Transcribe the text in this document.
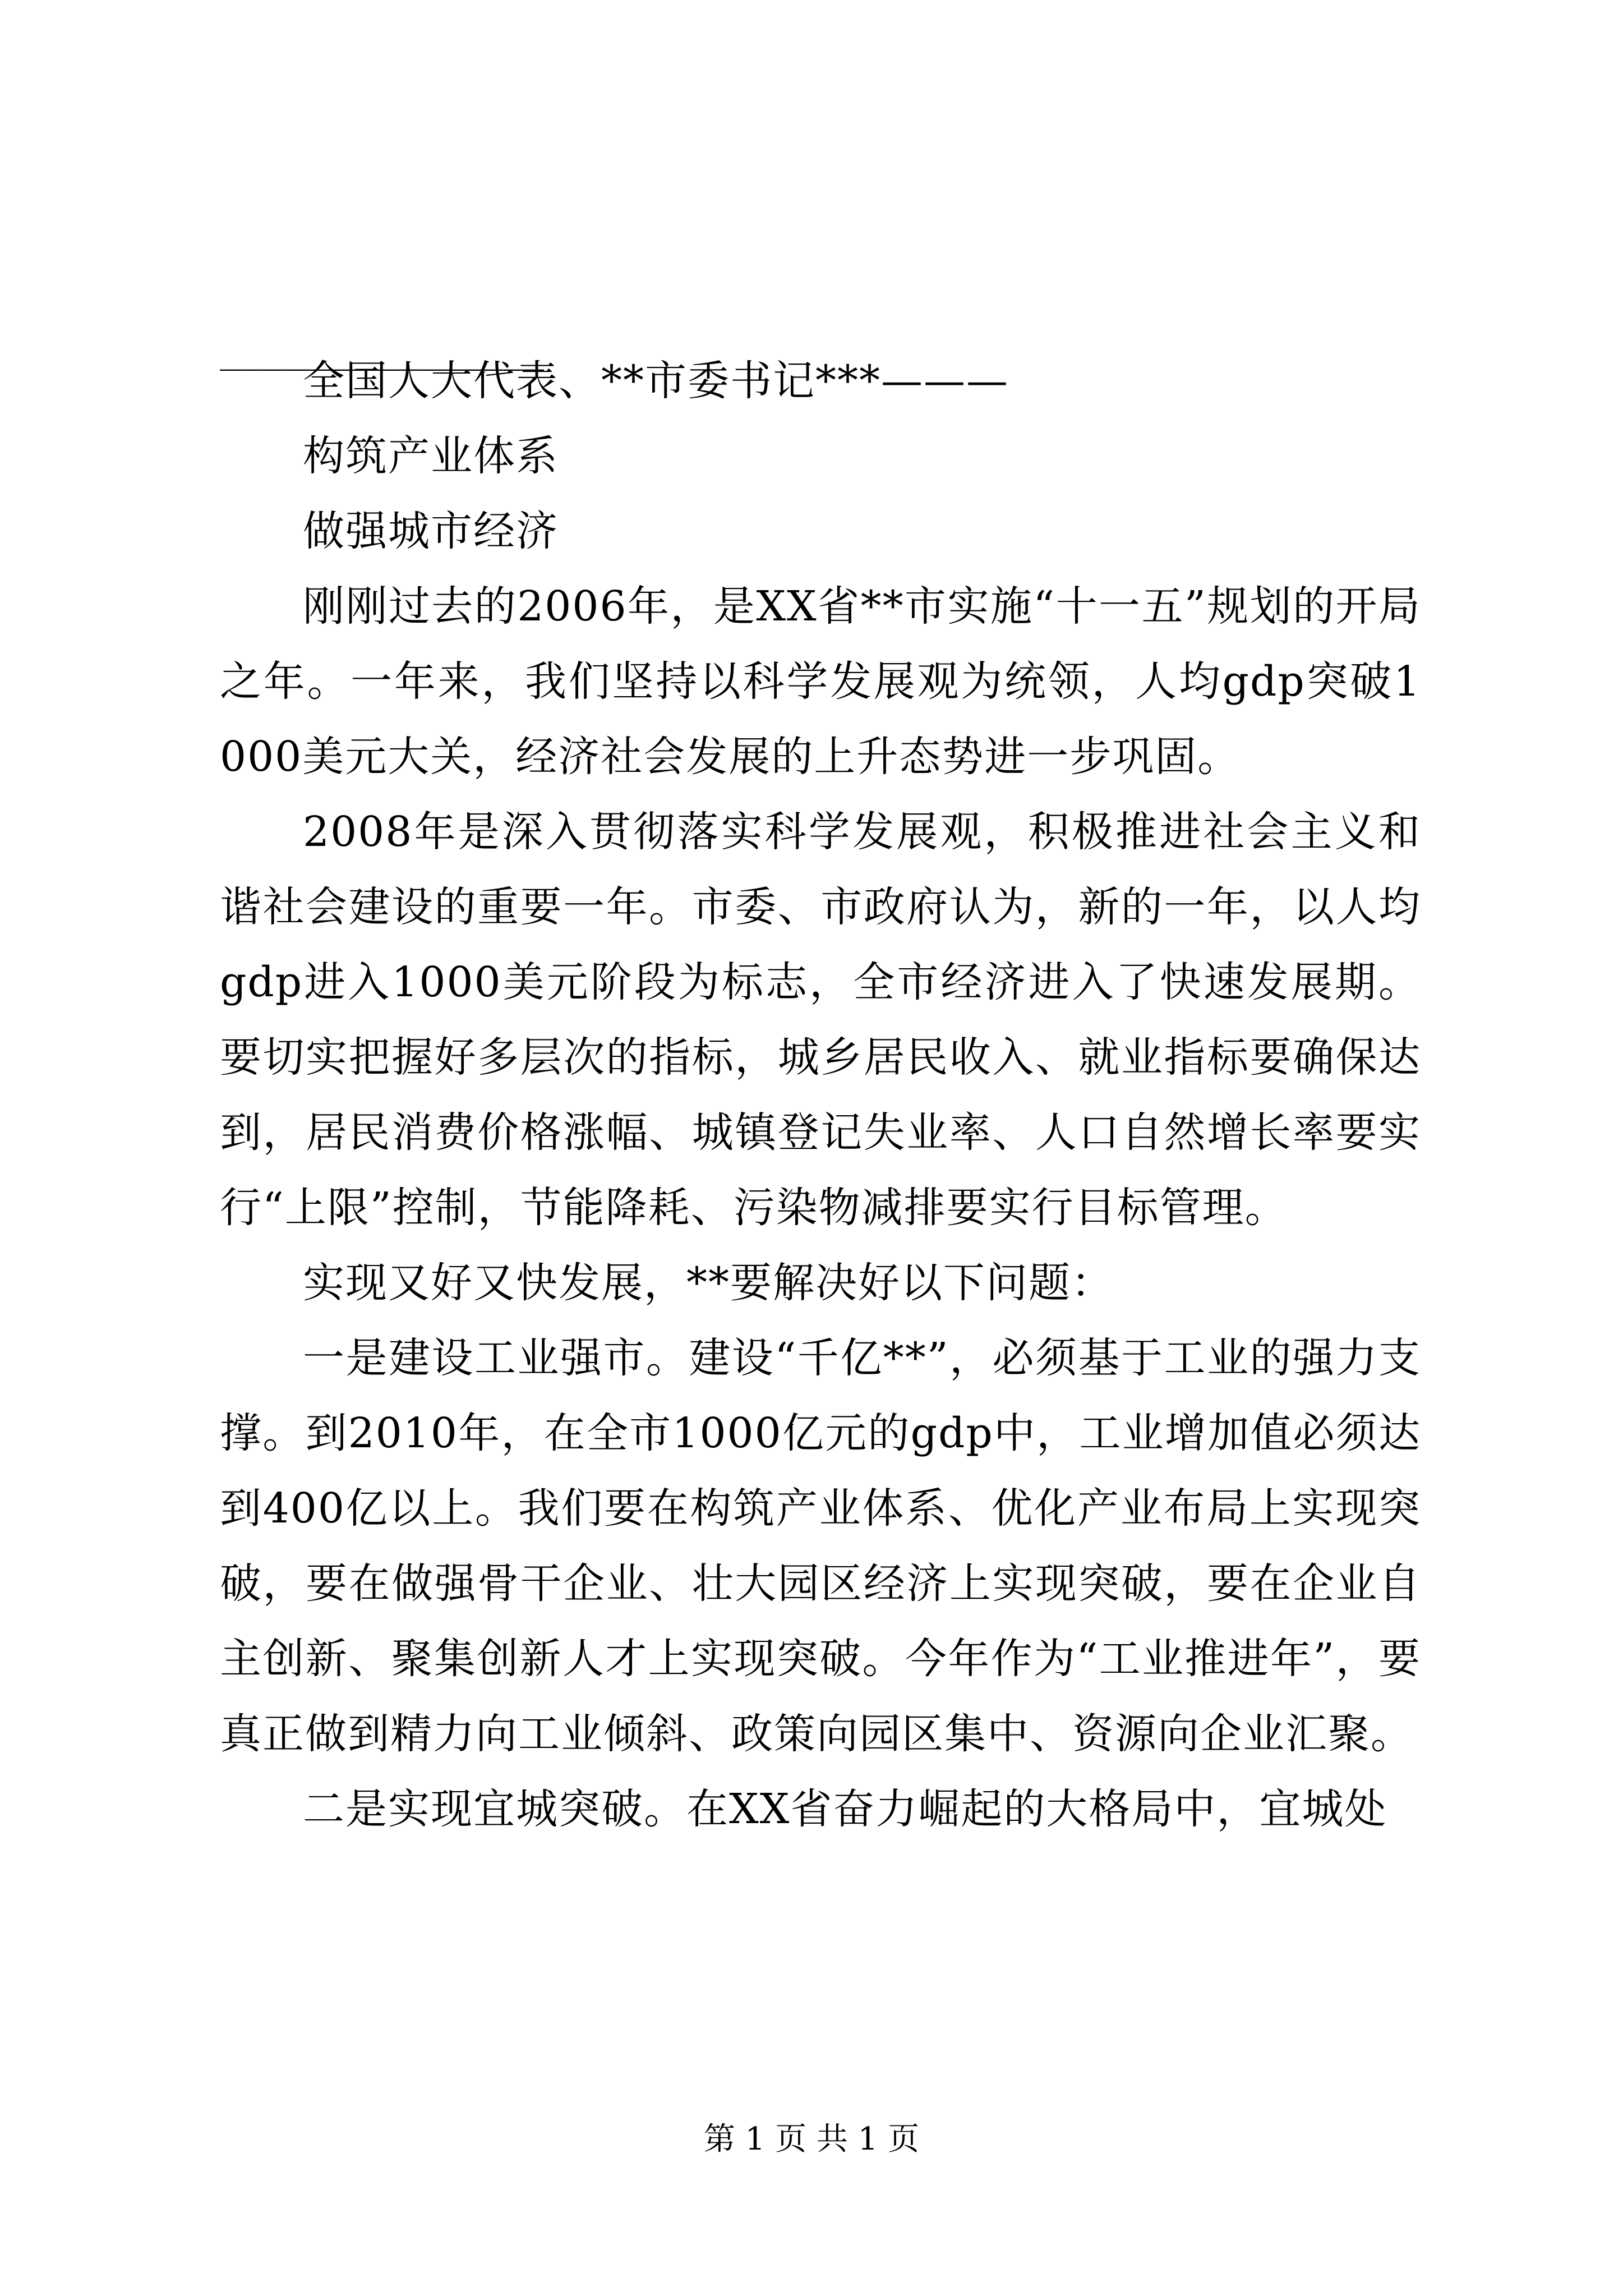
________________

全国人大代表、**市委书记***———

构筑产业体系

做强城市经济

刚刚过去的2006年，是XX省**市实施“十一五”规划的开局之年。一年来，我们坚持以科学发展观为统领，人均gdp突破1000美元大关，经济社会发展的上升态势进一步巩固。

2008年是深入贯彻落实科学发展观，积极推进社会主义和谐社会建设的重要一年。市委、市政府认为，新的一年，以人均gdp进入1000美元阶段为标志，全市经济进入了快速发展期。要切实把握好多层次的指标，城乡居民收入、就业指标要确保达到，居民消费价格涨幅、城镇登记失业率、人口自然增长率要实行“上限”控制，节能降耗、污染物减排要实行目标管理。

实现又好又快发展，**要解决好以下问题：

一是建设工业强市。建设“千亿**”，必须基于工业的强力支撑。到2010年，在全市1000亿元的gdp中，工业增加值必须达到400亿以上。我们要在构筑产业体系、优化产业布局上实现突破，要在做强骨干企业、壮大园区经济上实现突破，要在企业自主创新、聚集创新人才上实现突破。今年作为“工业推进年”，要真正做到精力向工业倾斜、政策向园区集中、资源向企业汇聚。

二是实现宜城突破。在XX省奋力崛起的大格局中，宜城处

第 1 页 共 1 页
